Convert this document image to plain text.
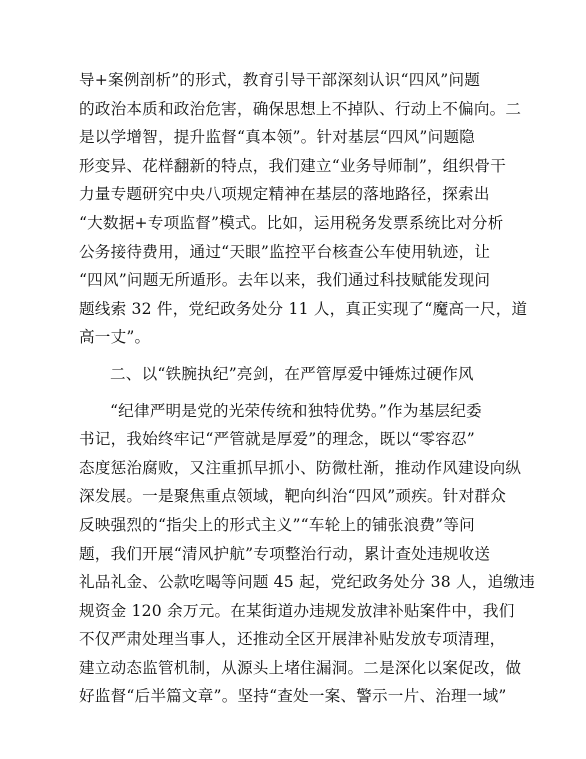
导+案例剖析”的形式，教育引导干部深刻认识“四风”问题
的政治本质和政治危害，确保思想上不掉队、行动上不偏向。二
是以学增智，提升监督“真本领”。针对基层“四风”问题隐
形变异、花样翻新的特点，我们建立“业务导师制”，组织骨干
力量专题研究中央八项规定精神在基层的落地路径，探索出
“大数据+专项监督”模式。比如，运用税务发票系统比对分析
公务接待费用，通过“天眼”监控平台核查公车使用轨迹，让
“四风”问题无所遁形。去年以来，我们通过科技赋能发现问
题线索 32 件，党纪政务处分 11 人，真正实现了“魔高一尺，道
高一丈”。
二、以“铁腕执纪”亮剑，在严管厚爱中锤炼过硬作风
“纪律严明是党的光荣传统和独特优势。”作为基层纪委
书记，我始终牢记“严管就是厚爱”的理念，既以“零容忍”
态度惩治腐败，又注重抓早抓小、防微杜渐，推动作风建设向纵
深发展。一是聚焦重点领域，靶向纠治“四风”顽疾。针对群众
反映强烈的“指尖上的形式主义”“车轮上的铺张浪费”等问
题，我们开展“清风护航”专项整治行动，累计查处违规收送
礼品礼金、公款吃喝等问题 45 起，党纪政务处分 38 人，追缴违
规资金 120 余万元。在某街道办违规发放津补贴案件中，我们
不仅严肃处理当事人，还推动全区开展津补贴发放专项清理，
建立动态监管机制，从源头上堵住漏洞。二是深化以案促改，做
好监督“后半篇文章”。坚持“查处一案、警示一片、治理一域”
